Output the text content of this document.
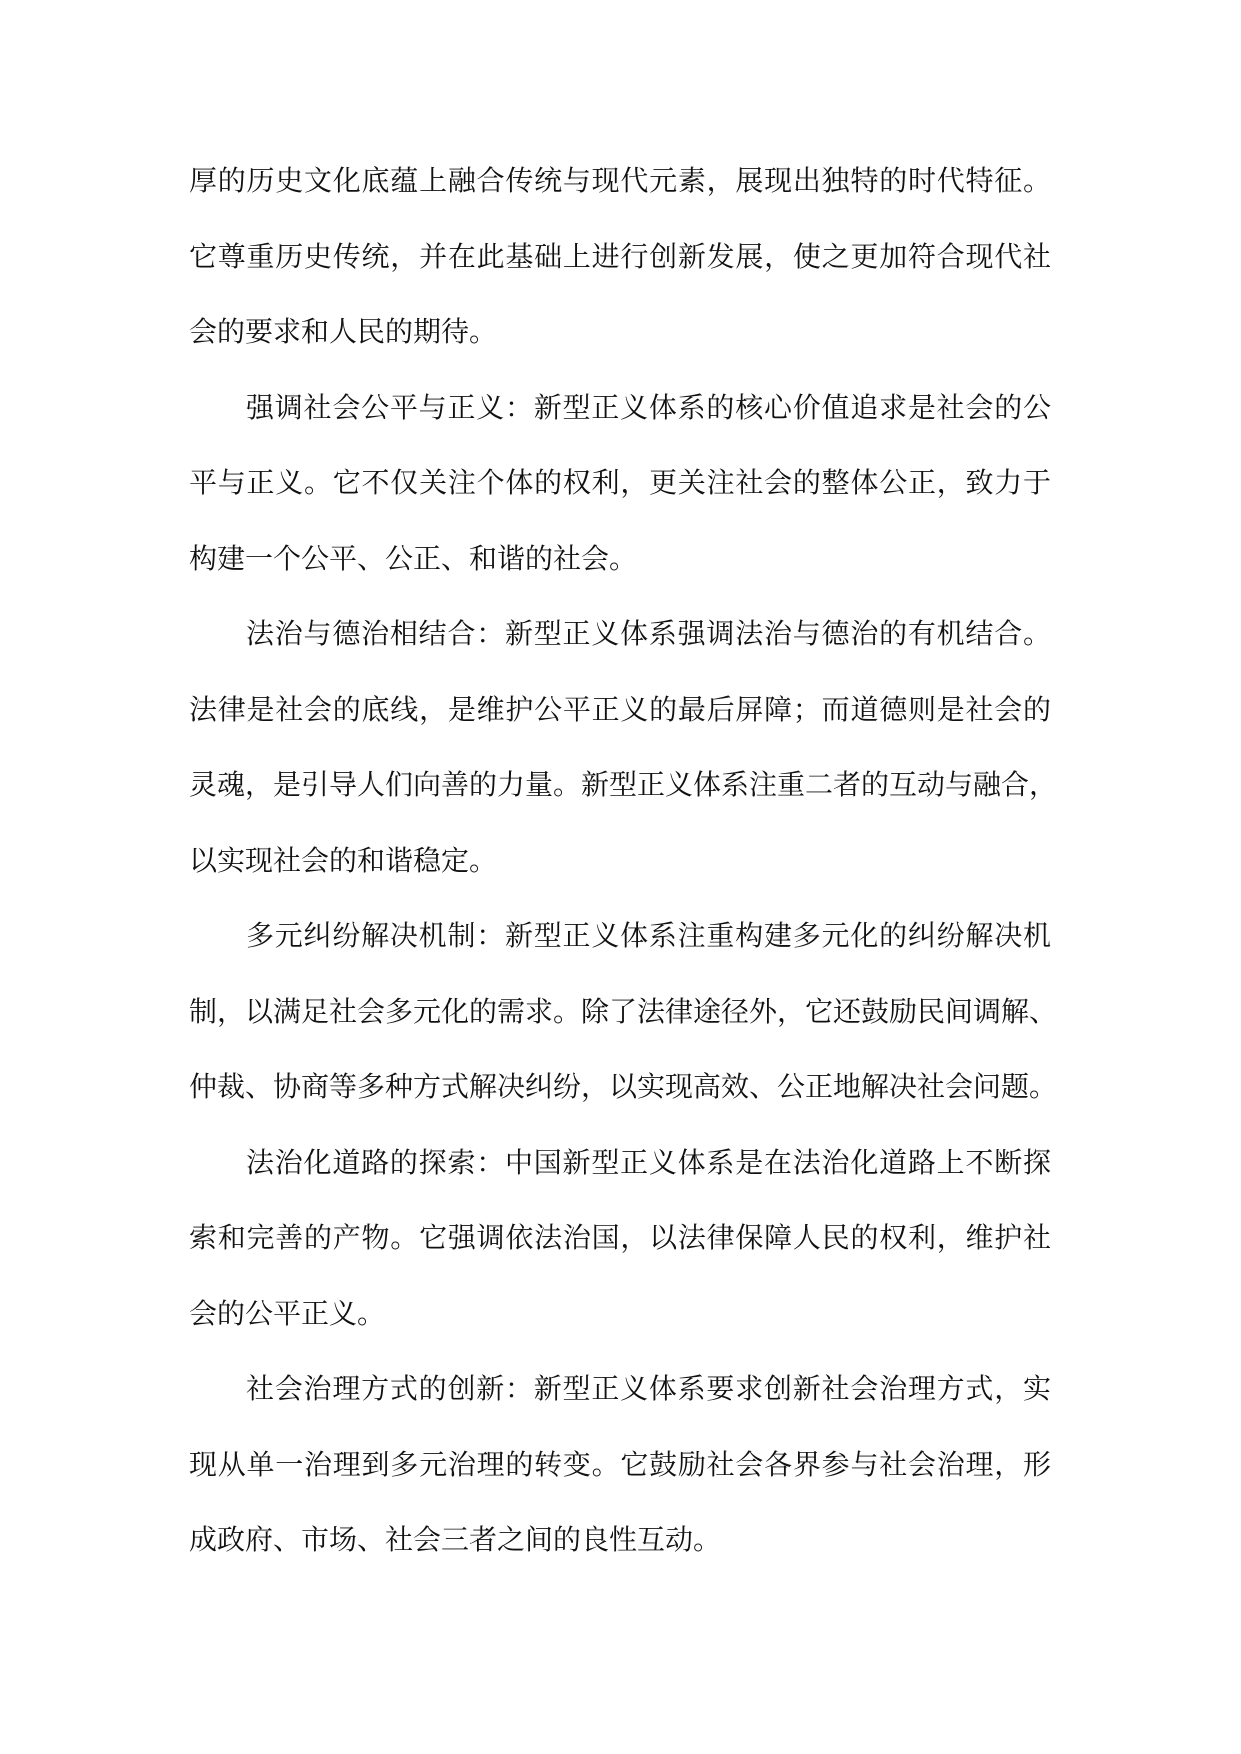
厚的历史文化底蕴上融合传统与现代元素，展现出独特的时代特征。
它尊重历史传统，并在此基础上进行创新发展，使之更加符合现代社
会的要求和人民的期待。
强调社会公平与正义：新型正义体系的核心价值追求是社会的公
平与正义。它不仅关注个体的权利，更关注社会的整体公正，致力于
构建一个公平、公正、和谐的社会。
法治与德治相结合：新型正义体系强调法治与德治的有机结合。
法律是社会的底线，是维护公平正义的最后屏障；而道德则是社会的
灵魂，是引导人们向善的力量。新型正义体系注重二者的互动与融合，
以实现社会的和谐稳定。
多元纠纷解决机制：新型正义体系注重构建多元化的纠纷解决机
制，以满足社会多元化的需求。除了法律途径外，它还鼓励民间调解、
仲裁、协商等多种方式解决纠纷，以实现高效、公正地解决社会问题。
法治化道路的探索：中国新型正义体系是在法治化道路上不断探
索和完善的产物。它强调依法治国，以法律保障人民的权利，维护社
会的公平正义。
社会治理方式的创新：新型正义体系要求创新社会治理方式，实
现从单一治理到多元治理的转变。它鼓励社会各界参与社会治理，形
成政府、市场、社会三者之间的良性互动。
